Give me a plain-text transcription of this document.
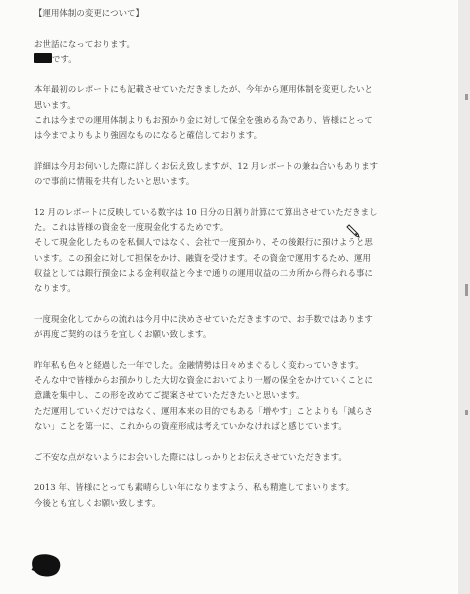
【運用体制の変更について】
お世話になっております。
です。
本年最初のレポートにも記載させていただきましたが、今年から運用体制を変更したいと
思います。
これは今までの運用体制よりもお預かり金に対して保全を強める為であり、皆様にとって
は今までよりもより強固なものになると確信しております。
詳細は今月お伺いした際に詳しくお伝え致しますが、12 月レポートの兼ね合いもあります
ので事前に情報を共有したいと思います。
12 月のレポートに反映している数字は 10 日分の日割り計算にて算出させていただきまし
た。これは皆様の資金を一度現金化するためです。
そして現金化したものを私個人ではなく、会社で一度預かり、その後銀行に預けようと思
います。この預金に対して担保をかけ、融資を受けます。その資金で運用するため、運用
収益としては銀行預金による金利収益と今まで通りの運用収益の二カ所から得られる事に
なります。
一度現金化してからの流れは今月中に決めさせていただきますので、お手数ではあります
が再度ご契約のほうを宜しくお願い致します。
昨年私も色々と経過した一年でした。金融情勢は日々めまぐるしく変わっていきます。
そんな中で皆様からお預かりした大切な資金においてより一層の保全をかけていくことに
意識を集中し、この形を改めてご提案させていただきたいと思います。
ただ運用していくだけではなく、運用本来の目的でもある「増やす」ことよりも「減らさ
ない」ことを第一に、これからの資産形成は考えていかなければと感じています。
ご不安な点がないようにお会いした際にはしっかりとお伝えさせていただきます。
2013 年、皆様にとっても素晴らしい年になりますよう、私も精進してまいります。
今後とも宜しくお願い致します。
